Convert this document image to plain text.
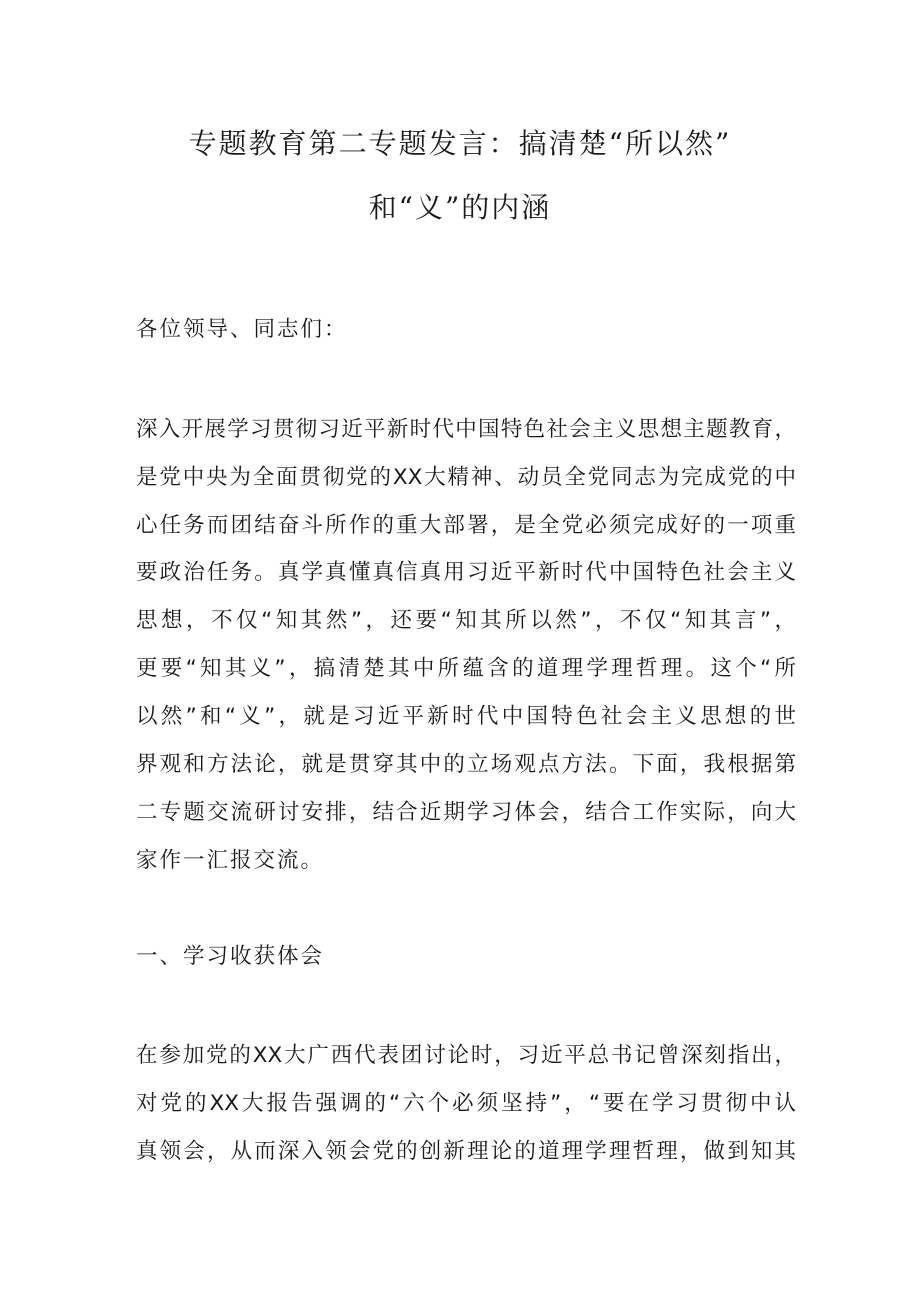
专题教育第二专题发言：搞清楚“所以然”
和“义”的内涵
各位领导、同志们：
深入开展学习贯彻习近平新时代中国特色社会主义思想主题教育，
是党中央为全面贯彻党的XX大精神、动员全党同志为完成党的中
心任务而团结奋斗所作的重大部署，是全党必须完成好的一项重
要政治任务。真学真懂真信真用习近平新时代中国特色社会主义
思想，不仅“知其然”，还要“知其所以然”，不仅“知其言”，
更要“知其义”，搞清楚其中所蕴含的道理学理哲理。这个“所
以然”和“义”，就是习近平新时代中国特色社会主义思想的世
界观和方法论，就是贯穿其中的立场观点方法。下面，我根据第
二专题交流研讨安排，结合近期学习体会，结合工作实际，向大
家作一汇报交流。
一、学习收获体会
在参加党的XX大广西代表团讨论时，习近平总书记曾深刻指出，
对党的XX大报告强调的“六个必须坚持”，“要在学习贯彻中认
真领会，从而深入领会党的创新理论的道理学理哲理，做到知其
